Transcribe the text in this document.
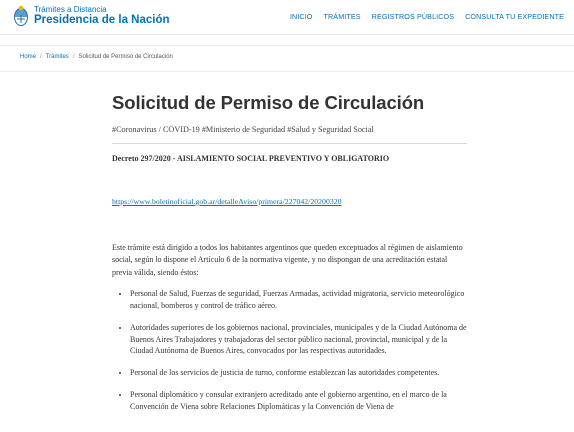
Trámites a Distancia
Presidencia de la Nación	INICIO TRÁMITES REGISTROS PÚBLICOS CONSULTA TU EXPEDIENTE
Home / Trámites / Solicitud de Permiso de Circulación
Solicitud de Permiso de Circulación
#Coronavirus / COVID-19 #Ministerio de Seguridad #Salud y Seguridad Social
Decreto 297/2020 - AISLAMIENTO SOCIAL PREVENTIVO Y OBLIGATORIO
https://www.boletinoficial.gob.ar/detalleAviso/primera/227042/20200320

Este trámite está dirigido a todos los habitantes argentinos que queden exceptuados al régimen de aislamiento social, según lo dispone el Artículo 6 de la normativa vigente, y no dispongan de una acreditación estatal previa válida, siendo éstos:

• Personal de Salud, Fuerzas de seguridad, Fuerzas Armadas, actividad migratoria, servicio meteorológico nacional, bomberos y control de tráfico aéreo.
• Autoridades superiores de los gobiernos nacional, provinciales, municipales y de la Ciudad Autónoma de Buenos Aires Trabajadores y trabajadoras del sector público nacional, provincial, municipal y de la Ciudad Autónoma de Buenos Aires, convocados por las respectivas autoridades.
• Personal de los servicios de justicia de turno, conforme establezcan las autoridades competentes.
• Personal diplomático y consular extranjero acreditado ante el gobierno argentino, en el marco de la Convención de Viena sobre Relaciones Diplomáticas y la Convención de Viena de
